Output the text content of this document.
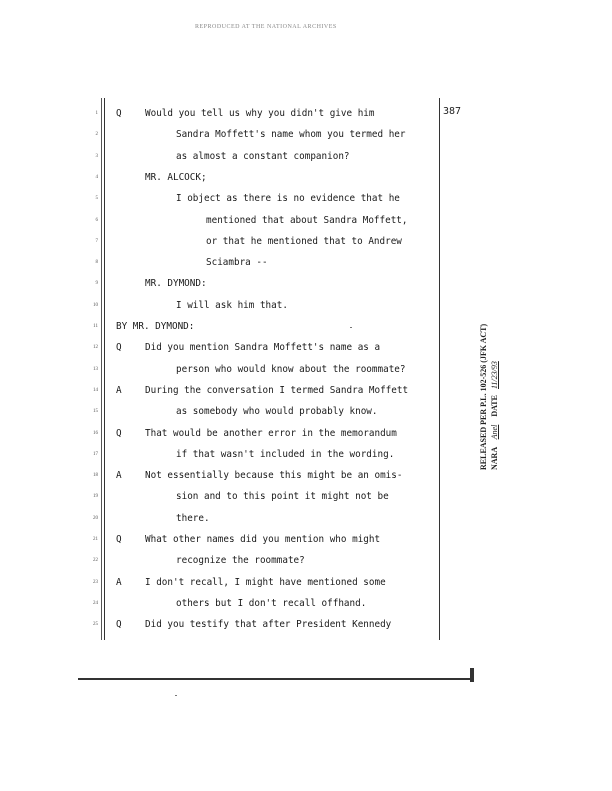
REPRODUCED AT THE NATIONAL ARCHIVES
387
1 Q	Would you tell us why you didn't give him
2	Sandra Moffett's name whom you termed her
3	as almost a constant companion?
4	MR. ALCOCK;
5	I object as there is no evidence that he
6	mentioned that about Sandra Moffett,
7	or that he mentioned that to Andrew
8	Sciambra --
9	MR. DYMOND:
10	I will ask him that.
11 BY MR. DYMOND:
12 Q	Did you mention Sandra Moffett's name as a
13	person who would know about the roommate?
14 A	During the conversation I termed Sandra Moffett
15	as somebody who would probably know.
16 Q	That would be another error in the memorandum
17	if that wasn't included in the wording.
18 A	Not essentially because this might be an omis-
19	sion and to this point it might not be
20	there.
21 Q	What other names did you mention who might
22	recognize the roommate?
23 A	I don't recall, I might have mentioned some
24	others but I don't recall offhand.
25 Q	Did you testify that after President Kennedy
RELEASED PER P.L. 102-526 (JFK ACT) NARA Anel DATE 11/23/93
